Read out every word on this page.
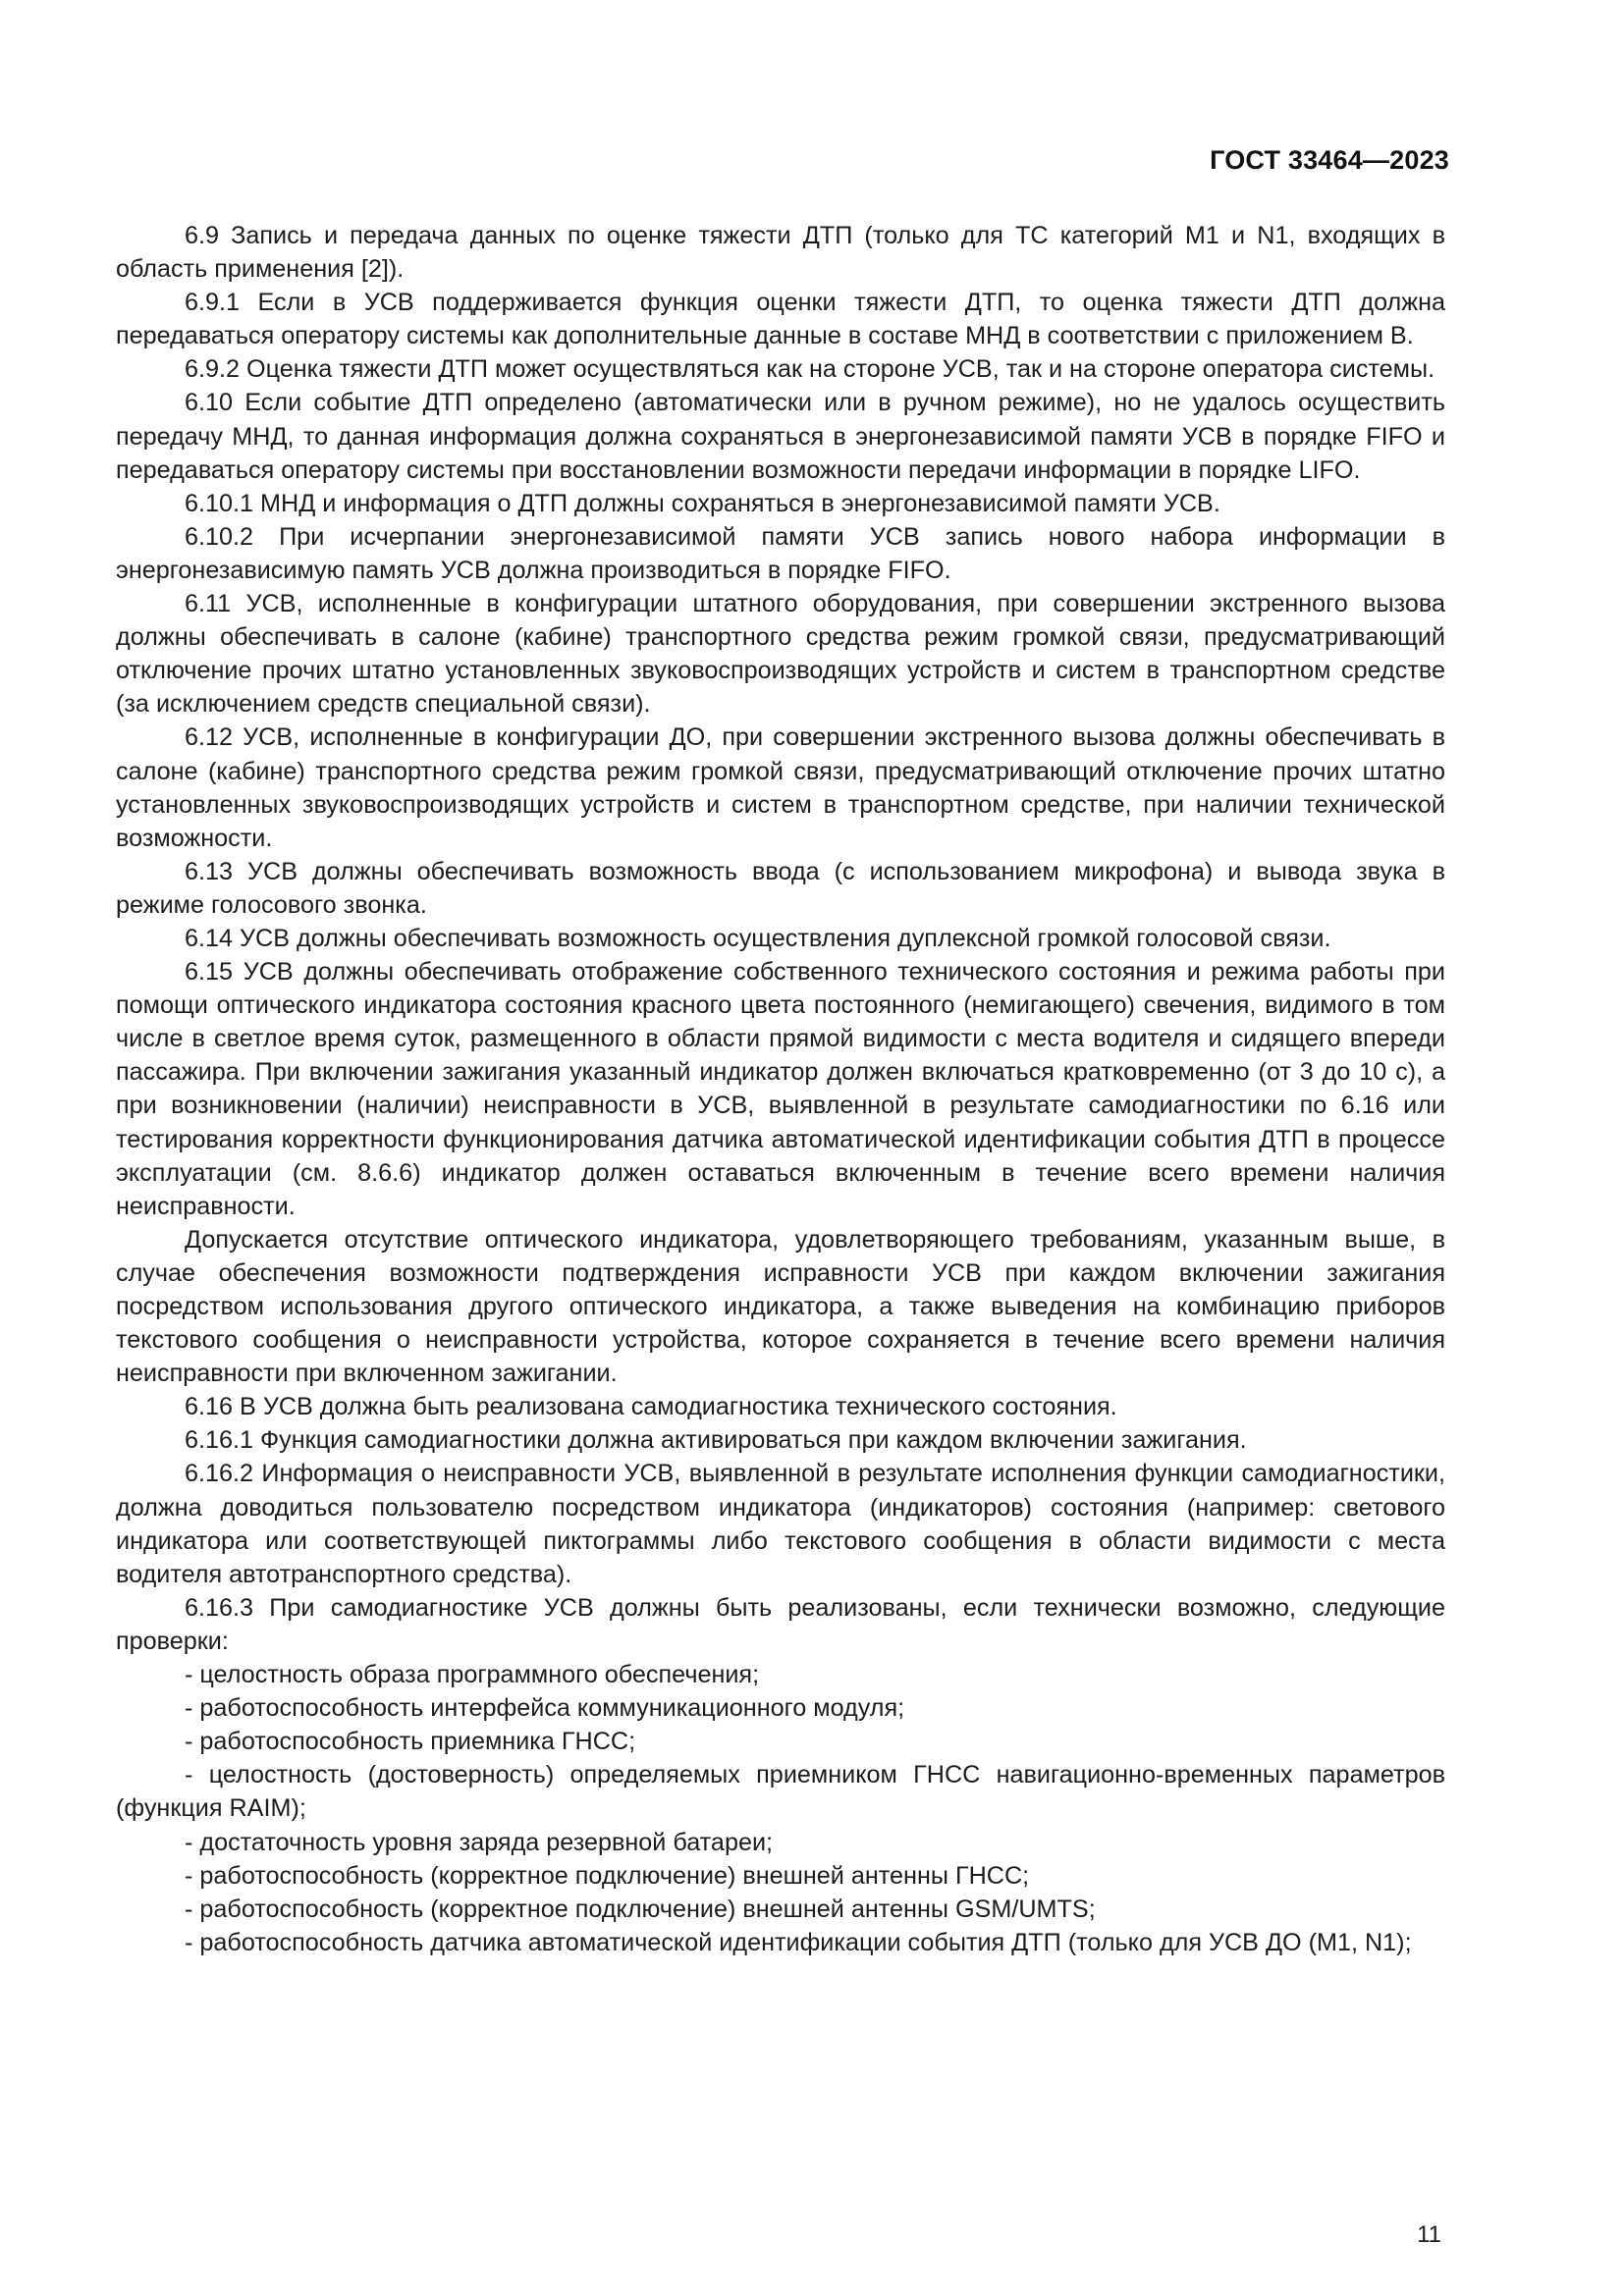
ГОСТ 33464—2023

6.9 Запись и передача данных по оценке тяжести ДТП (только для ТС категорий М1 и N1, входящих в область применения [2]).

6.9.1 Если в УСВ поддерживается функция оценки тяжести ДТП, то оценка тяжести ДТП должна передаваться оператору системы как дополнительные данные в составе МНД в соответствии с приложением В.

6.9.2 Оценка тяжести ДТП может осуществляться как на стороне УСВ, так и на стороне оператора системы.

6.10 Если событие ДТП определено (автоматически или в ручном режиме), но не удалось осуществить передачу МНД, то данная информация должна сохраняться в энергонезависимой памяти УСВ в порядке FIFO и передаваться оператору системы при восстановлении возможности передачи информации в порядке LIFO.

6.10.1 МНД и информация о ДТП должны сохраняться в энергонезависимой памяти УСВ.

6.10.2 При исчерпании энергонезависимой памяти УСВ запись нового набора информации в энергонезависимую память УСВ должна производиться в порядке FIFO.

6.11 УСВ, исполненные в конфигурации штатного оборудования, при совершении экстренного вызова должны обеспечивать в салоне (кабине) транспортного средства режим громкой связи, предусматривающий отключение прочих штатно установленных звуковоспроизводящих устройств и систем в транспортном средстве (за исключением средств специальной связи).

6.12 УСВ, исполненные в конфигурации ДО, при совершении экстренного вызова должны обеспечивать в салоне (кабине) транспортного средства режим громкой связи, предусматривающий отключение прочих штатно установленных звуковоспроизводящих устройств и систем в транспортном средстве, при наличии технической возможности.

6.13 УСВ должны обеспечивать возможность ввода (с использованием микрофона) и вывода звука в режиме голосового звонка.

6.14 УСВ должны обеспечивать возможность осуществления дуплексной громкой голосовой связи.

6.15 УСВ должны обеспечивать отображение собственного технического состояния и режима работы при помощи оптического индикатора состояния красного цвета постоянного (немигающего) свечения, видимого в том числе в светлое время суток, размещенного в области прямой видимости с места водителя и сидящего впереди пассажира. При включении зажигания указанный индикатор должен включаться кратковременно (от 3 до 10 с), а при возникновении (наличии) неисправности в УСВ, выявленной в результате самодиагностики по 6.16 или тестирования корректности функционирования датчика автоматической идентификации события ДТП в процессе эксплуатации (см. 8.6.6) индикатор должен оставаться включенным в течение всего времени наличия неисправности.

Допускается отсутствие оптического индикатора, удовлетворяющего требованиям, указанным выше, в случае обеспечения возможности подтверждения исправности УСВ при каждом включении зажигания посредством использования другого оптического индикатора, а также выведения на комбинацию приборов текстового сообщения о неисправности устройства, которое сохраняется в течение всего времени наличия неисправности при включенном зажигании.

6.16 В УСВ должна быть реализована самодиагностика технического состояния.

6.16.1 Функция самодиагностики должна активироваться при каждом включении зажигания.

6.16.2 Информация о неисправности УСВ, выявленной в результате исполнения функции самодиагностики, должна доводиться пользователю посредством индикатора (индикаторов) состояния (например: светового индикатора или соответствующей пиктограммы либо текстового сообщения в области видимости с места водителя автотранспортного средства).

6.16.3 При самодиагностике УСВ должны быть реализованы, если технически возможно, следующие проверки:

- целостность образа программного обеспечения;

- работоспособность интерфейса коммуникационного модуля;

- работоспособность приемника ГНСС;

- целостность (достоверность) определяемых приемником ГНСС навигационно-временных параметров (функция RAIM);

- достаточность уровня заряда резервной батареи;

- работоспособность (корректное подключение) внешней антенны ГНСС;

- работоспособность (корректное подключение) внешней антенны GSM/UMTS;

- работоспособность датчика автоматической идентификации события ДТП (только для УСВ ДО (М1, N1);

11
